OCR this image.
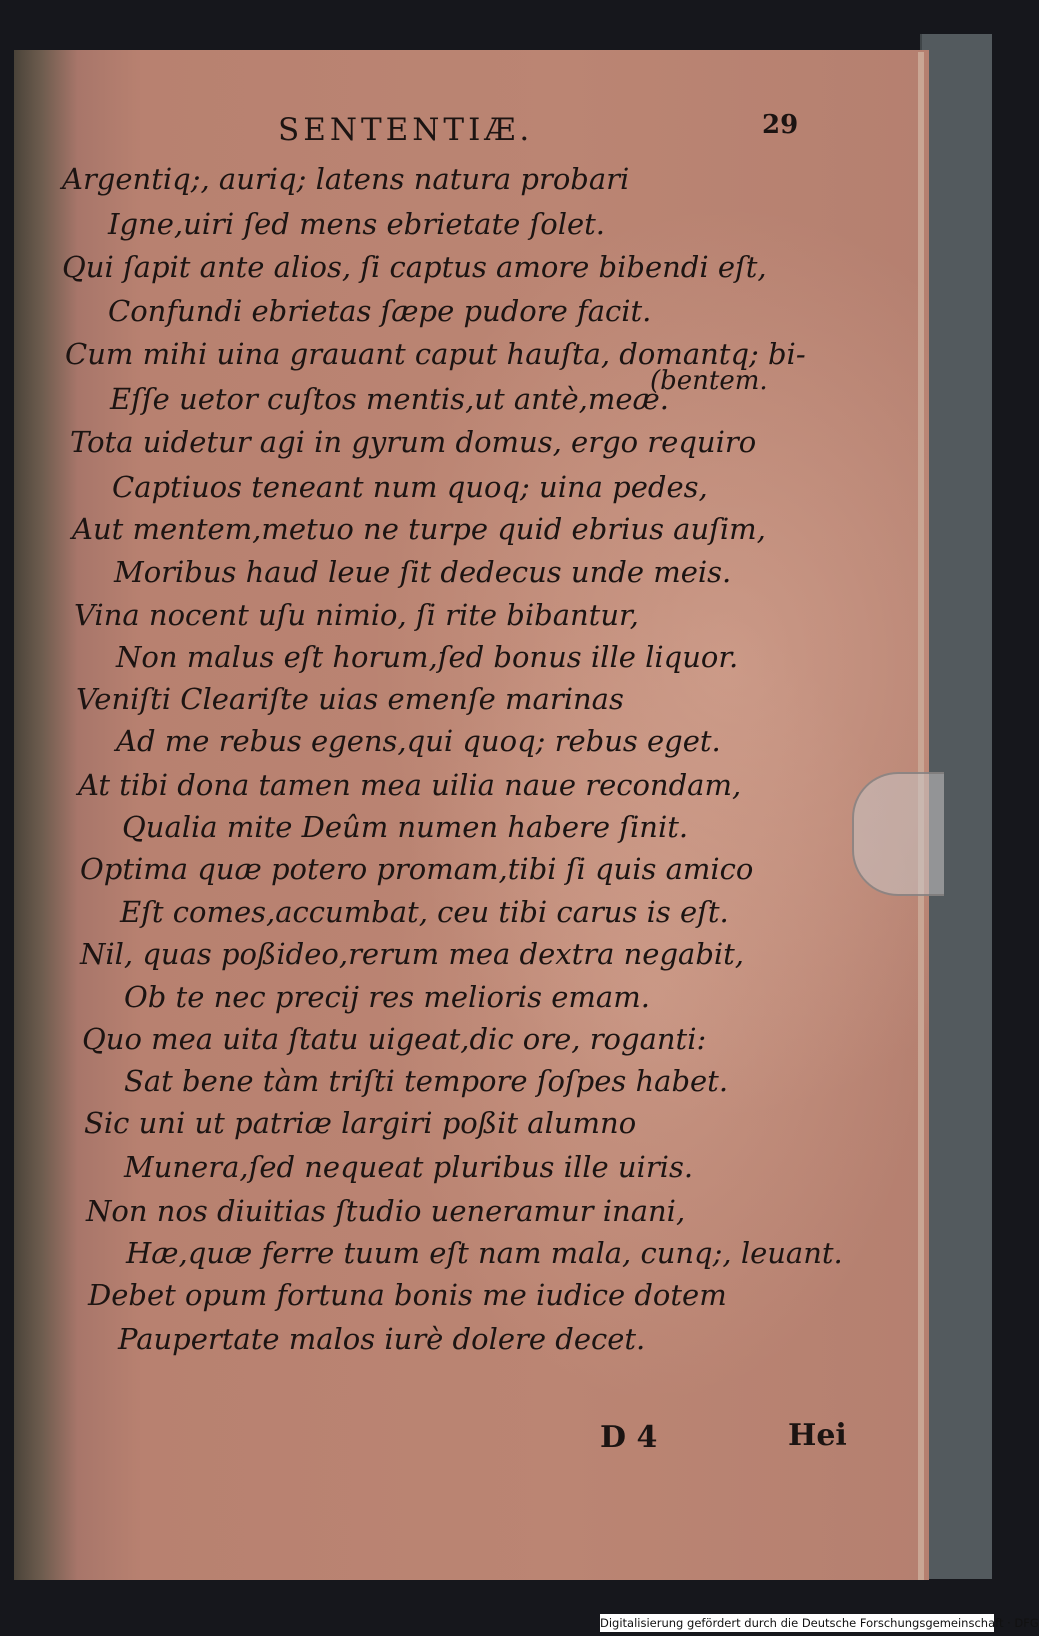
SENTENTIÆ.	29
Argentiq;, auriq; latens natura probari
Igne,uiri ſed mens ebrietate ſolet.
Qui ſapit ante alios, ſi captus amore bibendi eſt,
Confundi ebrietas ſæpe pudore facit.
Cum mihi uina grauant caput hauſta, domantq; bi-
Eſſe uetor cuſtos mentis,ut antè,meæ.
(bentem.
Tota uidetur agi in gyrum domus, ergo requiro
Captiuos teneant num quoq; uina pedes,
Aut mentem,metuo ne turpe quid ebrius auſim,
Moribus haud leue ſit dedecus unde meis.
Vina nocent uſu nimio, ſi rite bibantur,
Non malus eſt horum,ſed bonus ille liquor.
Veniſti Cleariſte uias emenſe marinas
Ad me rebus egens,qui quoq; rebus eget.
At tibi dona tamen mea uilia naue recondam,
Qualia mite Deûm numen habere ſinit.
Optima quæ potero promam,tibi ſi quis amico
Eſt comes,accumbat, ceu tibi carus is eſt.
Nil, quas poßideo,rerum mea dextra negabit,
Ob te nec precij res melioris emam.
Quo mea uita ſtatu uigeat,dic ore, roganti:
Sat bene tàm triſti tempore ſoſpes habet.
Sic uni ut patriæ largiri poßit alumno
Munera,ſed nequeat pluribus ille uiris.
Non nos diuitias ſtudio ueneramur inani,
Hæ,quæ ferre tuum eſt nam mala, cunq;, leuant.
Debet opum fortuna bonis me iudice dotem
Paupertate malos iurè dolere decet.
D 4	Hei
Digitalisierung gefördert durch die Deutsche Forschungsgemeinschaft · DFG
